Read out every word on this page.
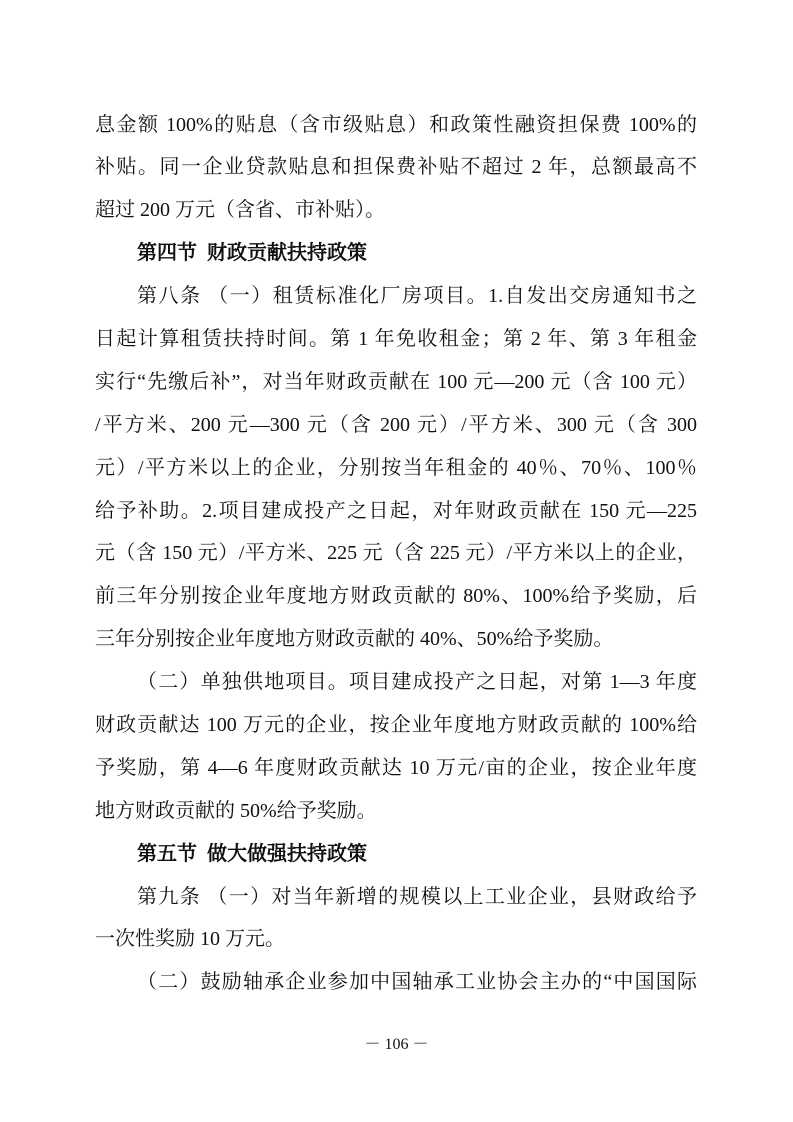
息金额 100%的贴息（含市级贴息）和政策性融资担保费 100%的
补贴。同一企业贷款贴息和担保费补贴不超过 2 年，总额最高不
超过 200 万元（含省、市补贴）。
第四节  财政贡献扶持政策
第八条 （一）租赁标准化厂房项目。1.自发出交房通知书之
日起计算租赁扶持时间。第 1 年免收租金；第 2 年、第 3 年租金
实行“先缴后补”，对当年财政贡献在 100 元—200 元（含 100 元）
/平方米、200 元—300 元（含 200 元）/平方米、300 元（含 300
元）/平方米以上的企业，分别按当年租金的 40％、70％、100％
给予补助。2.项目建成投产之日起，对年财政贡献在 150 元—225
元（含 150 元）/平方米、225 元（含 225 元）/平方米以上的企业，
前三年分别按企业年度地方财政贡献的 80%、100%给予奖励，后
三年分别按企业年度地方财政贡献的 40%、50%给予奖励。
（二）单独供地项目。项目建成投产之日起，对第 1—3 年度
财政贡献达 100 万元的企业，按企业年度地方财政贡献的 100%给
予奖励，第 4—6 年度财政贡献达 10 万元/亩的企业，按企业年度
地方财政贡献的 50%给予奖励。
第五节  做大做强扶持政策
第九条 （一）对当年新增的规模以上工业企业，县财政给予
一次性奖励 10 万元。
（二）鼓励轴承企业参加中国轴承工业协会主办的“中国国际
－ 106 －
